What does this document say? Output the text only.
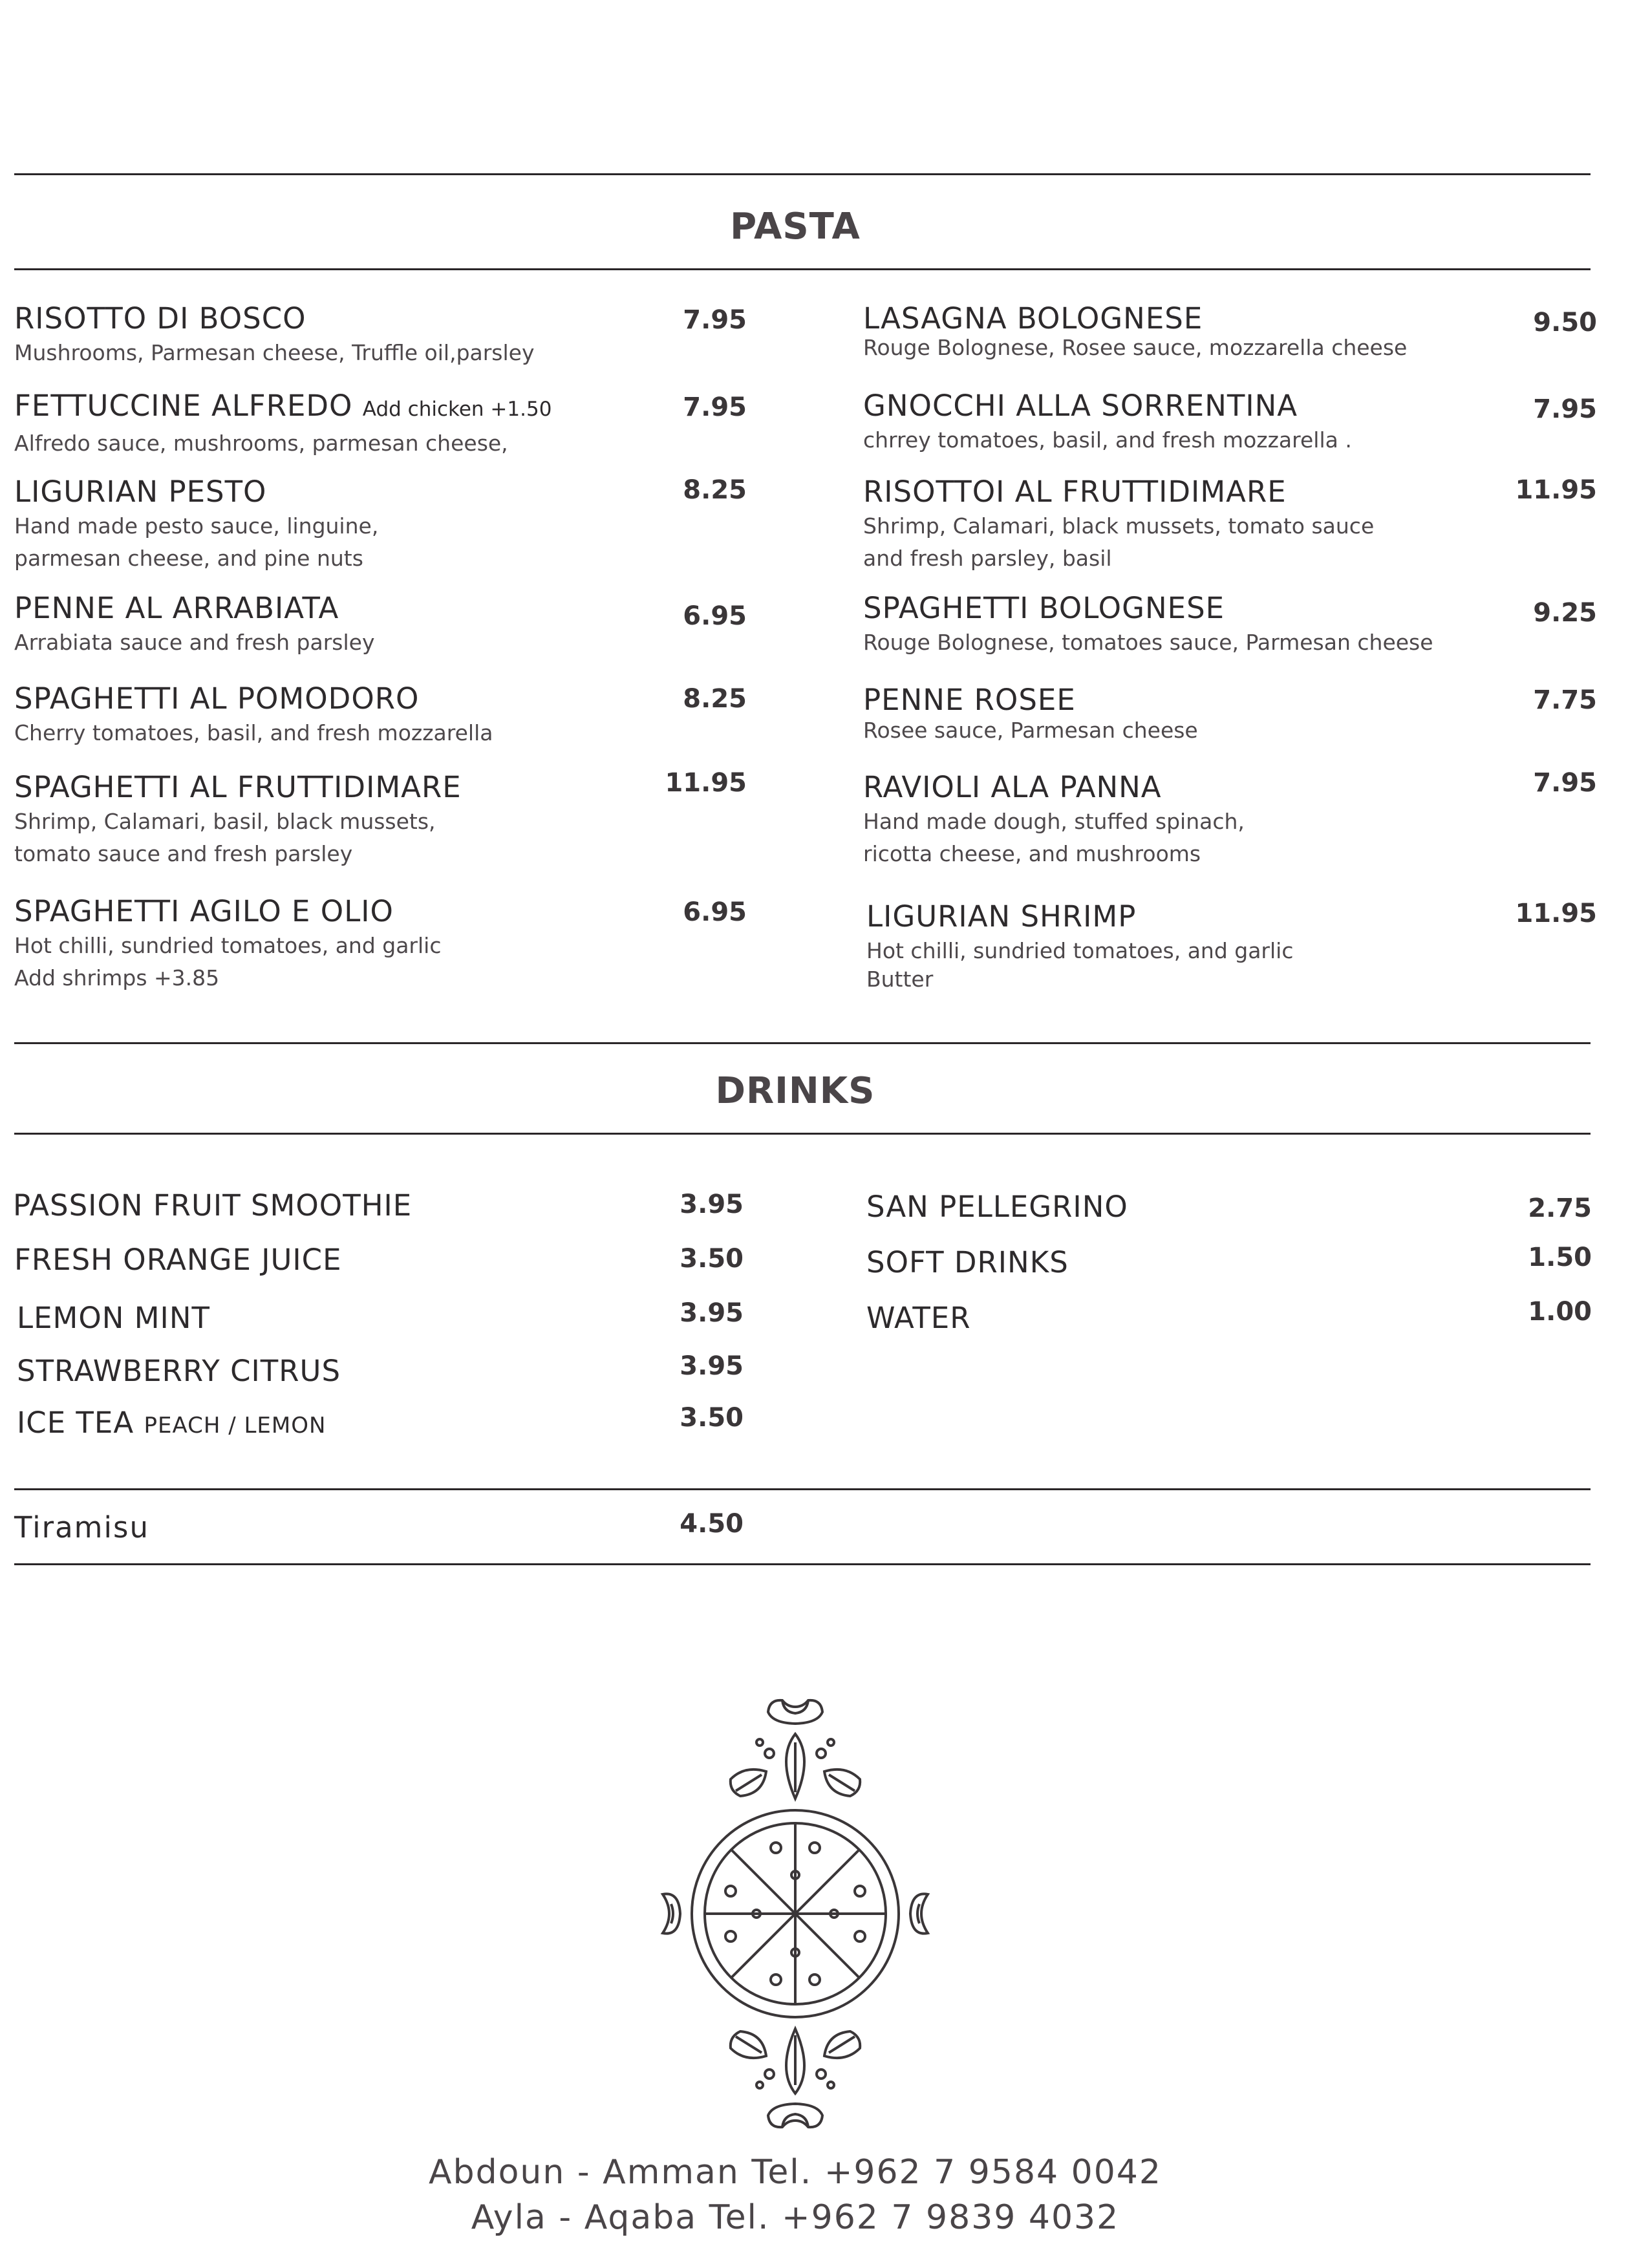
PASTA
RISOTTO DI BOSCO
Mushrooms, Parmesan cheese, Truffle oil,parsley
7.95
FETTUCCINE ALFREDO Add chicken +1.50
Alfredo sauce, mushrooms, parmesan cheese,
7.95
LIGURIAN PESTO
Hand made pesto sauce, linguine,
parmesan cheese, and pine nuts
8.25
PENNE AL ARRABIATA
Arrabiata sauce and fresh parsley
6.95
SPAGHETTI AL POMODORO
Cherry tomatoes, basil, and fresh mozzarella
8.25
SPAGHETTI AL FRUTTIDIMARE
Shrimp, Calamari, basil, black mussets,
tomato sauce and fresh parsley
11.95
SPAGHETTI AGILO E OLIO
Hot chilli, sundried tomatoes, and garlic
Add shrimps +3.85
6.95
LASAGNA BOLOGNESE
Rouge Bolognese, Rosee sauce, mozzarella cheese
9.50
GNOCCHI ALLA SORRENTINA
chrrey tomatoes, basil, and fresh mozzarella .
7.95
RISOTTOI AL FRUTTIDIMARE
Shrimp, Calamari, black mussets, tomato sauce
and fresh parsley, basil
11.95
SPAGHETTI BOLOGNESE
Rouge Bolognese, tomatoes sauce, Parmesan cheese
9.25
PENNE ROSEE
Rosee sauce, Parmesan cheese
7.75
RAVIOLI ALA PANNA
Hand made dough, stuffed spinach,
ricotta cheese, and mushrooms
7.95
LIGURIAN SHRIMP
Hot chilli, sundried tomatoes, and garlic
Butter
11.95
DRINKS
PASSION FRUIT SMOOTHIE	3.95
FRESH ORANGE JUICE	3.50
LEMON MINT	3.95
STRAWBERRY CITRUS	3.95
ICE TEA PEACH / LEMON	3.50
SAN PELLEGRINO	2.75
SOFT DRINKS	1.50
WATER	1.00
Tiramisu	4.50
Abdoun - Amman Tel. +962 7 9584 0042
Ayla - Aqaba Tel. +962 7 9839 4032
